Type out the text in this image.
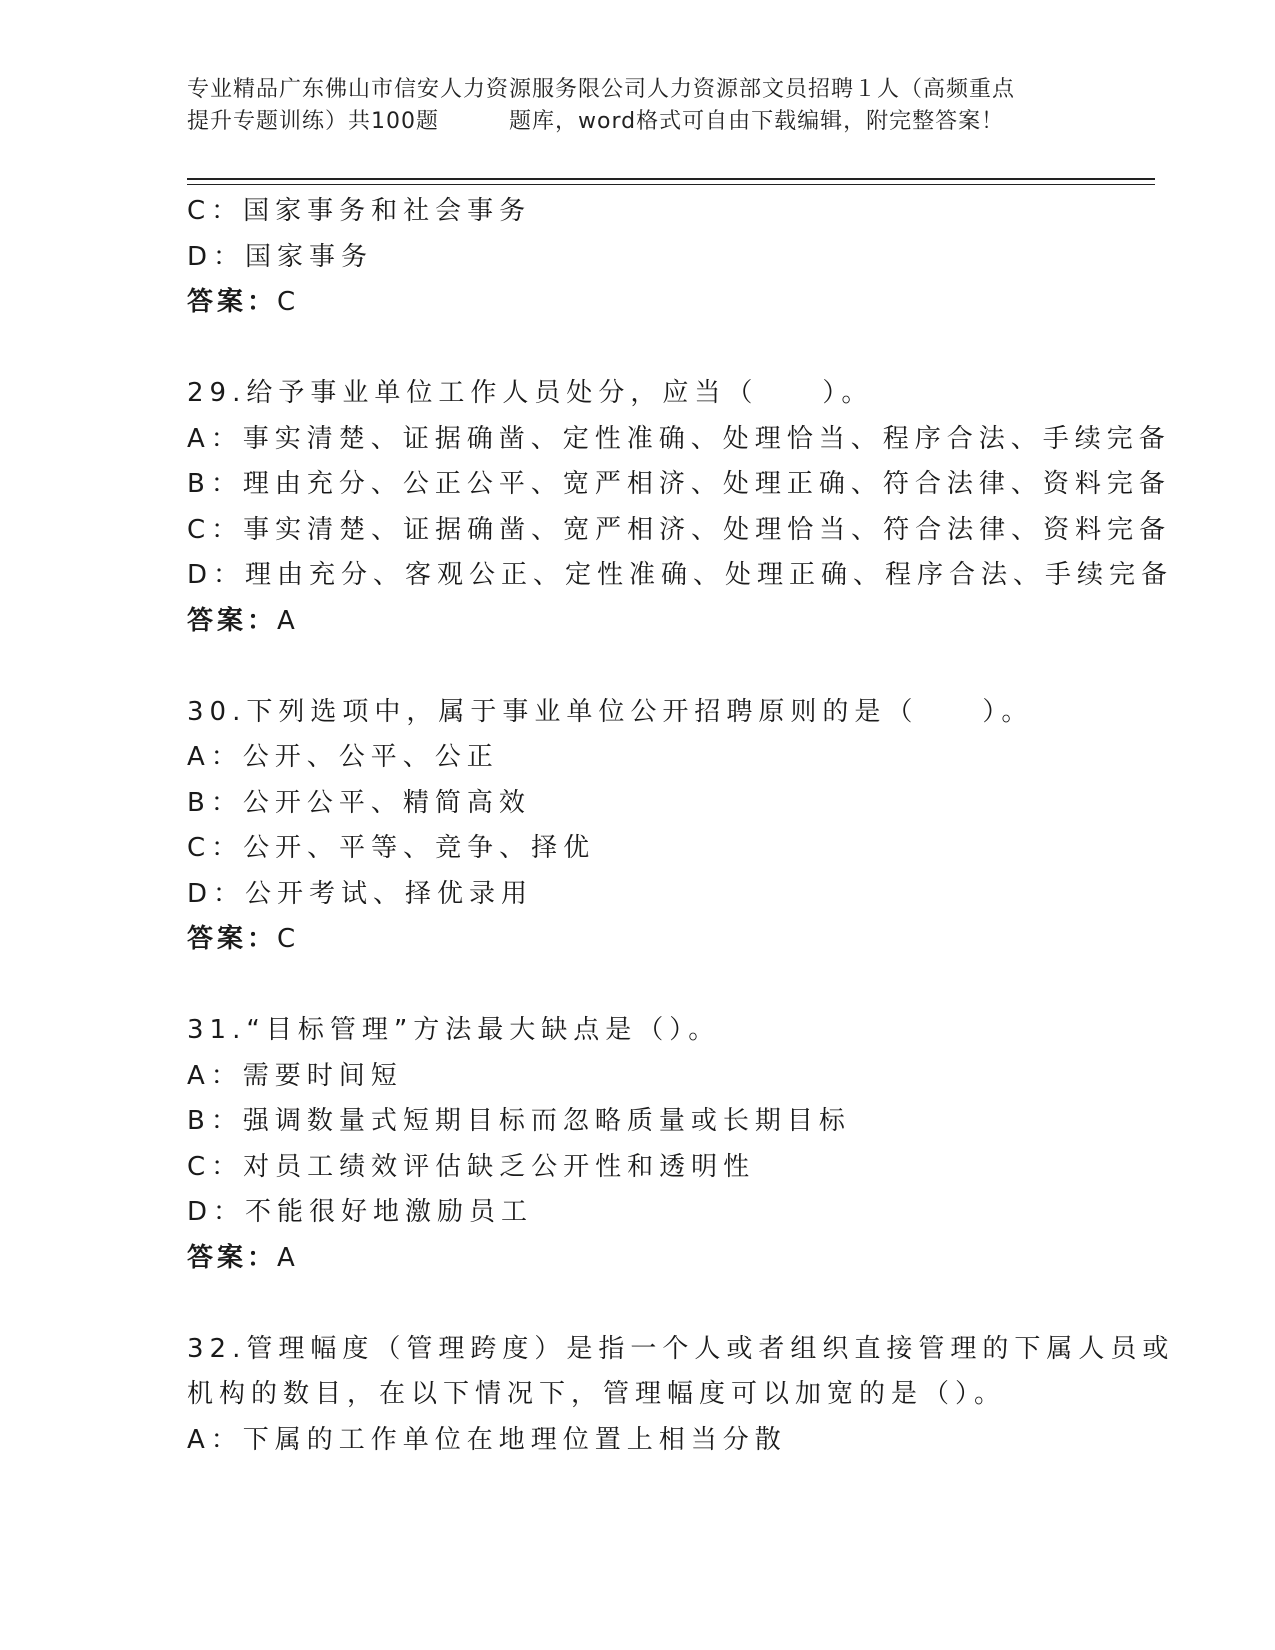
专业精品广东佛山市信安人力资源服务限公司人力资源部文员招聘１人（高频重点
提升专题训练）共100题	题库，word格式可自由下载编辑，附完整答案！
C：国家事务和社会事务
D：国家事务
答案：C
29.给予事业单位工作人员处分，应当（　　）。
A：事实清楚、证据确凿、定性准确、处理恰当、程序合法、手续完备
B：理由充分、公正公平、宽严相济、处理正确、符合法律、资料完备
C：事实清楚、证据确凿、宽严相济、处理恰当、符合法律、资料完备
D：理由充分、客观公正、定性准确、处理正确、程序合法、手续完备
答案：A
30.下列选项中，属于事业单位公开招聘原则的是（　　）。
A：公开、公平、公正
B：公开公平、精简高效
C：公开、平等、竞争、择优
D：公开考试、择优录用
答案：C
31.“目标管理”方法最大缺点是（）。
A：需要时间短
B：强调数量式短期目标而忽略质量或长期目标
C：对员工绩效评估缺乏公开性和透明性
D：不能很好地激励员工
答案：A
32.管理幅度（管理跨度）是指一个人或者组织直接管理的下属人员或
机构的数目，在以下情况下，管理幅度可以加宽的是（）。
A：下属的工作单位在地理位置上相当分散
